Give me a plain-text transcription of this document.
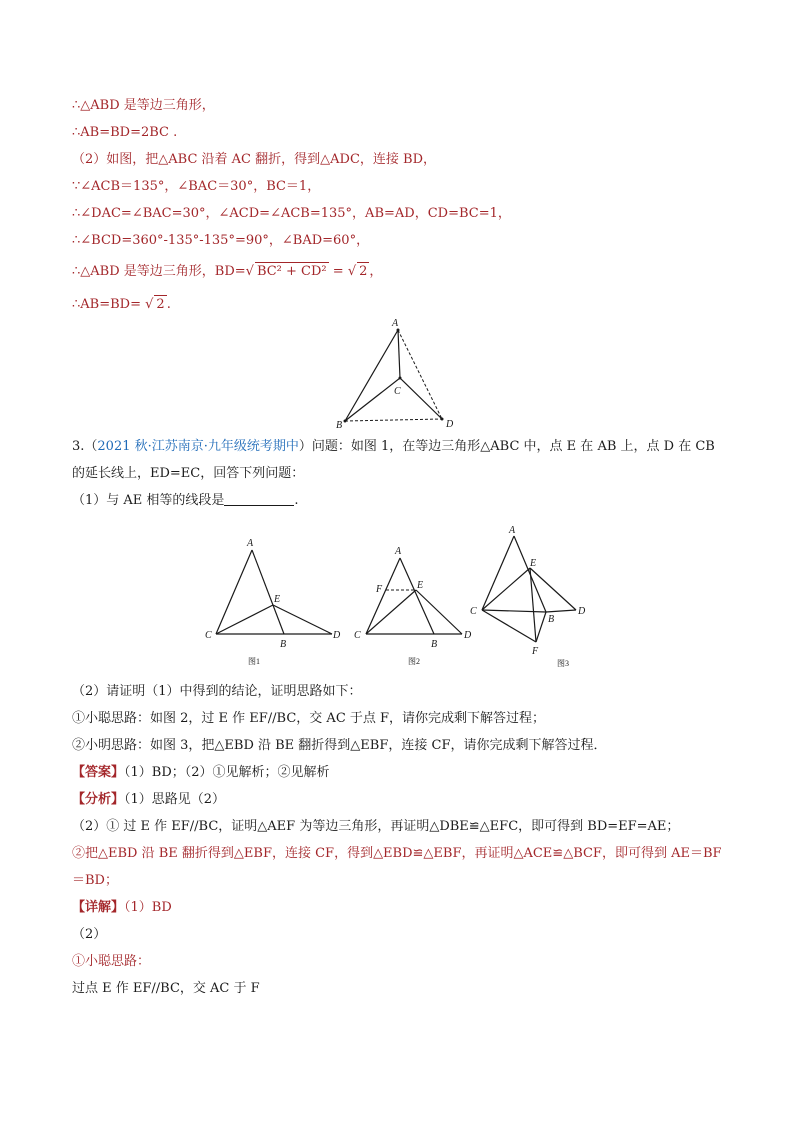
∴△ABD 是等边三角形，
∴AB=BD=2BC .
（2）如图，把△ABC 沿着 AC 翻折，得到△ADC，连接 BD，
∵∠ACB＝135°，∠BAC＝30°，BC＝1，
∴∠DAC=∠BAC=30°，∠ACD=∠ACB=135°，AB=AD，CD=BC=1，
∴∠BCD=360°-135°-135°=90°，∠BAD=60°，
∴△ABD 是等边三角形，BD=√ BC² + CD² = √ 2 ，
∴AB=BD= √ 2 .
A
C
B	D
3.（2021 秋·江苏南京·九年级统考期中）问题：如图 1，在等边三角形△ABC 中，点 E 在 AB 上，点 D 在 CB
的延长线上，ED=EC，回答下列问题：
（1）与 AE 相等的线段是	.
A
E
C
B
D
图1
A
F	E
C
B
D
图2
A
E
C
B
D
F
图3
（2）请证明（1）中得到的结论，证明思路如下：
①小聪思路：如图 2，过 E 作 EF//BC，交 AC 于点 F，请你完成剩下解答过程；
②小明思路：如图 3，把△EBD 沿 BE 翻折得到△EBF，连接 CF，请你完成剩下解答过程．
【答案】（1）BD；（2）①见解析；②见解析
【分析】（1）思路见（2）
（2）① 过 E 作 EF//BC，证明△AEF 为等边三角形，再证明△DBE≌△EFC，即可得到 BD=EF=AE；
②把△EBD 沿 BE 翻折得到△EBF，连接 CF，得到△EBD≌△EBF，再证明△ACE≌△BCF，即可得到 AE＝BF
＝BD；
【详解】（1）BD
（2）
①小聪思路：
过点 E 作 EF//BC，交 AC 于 F
